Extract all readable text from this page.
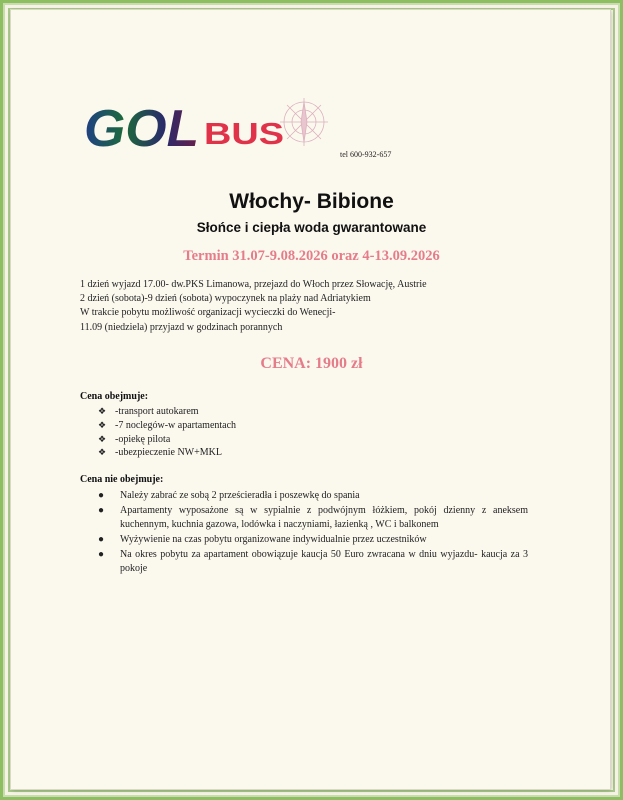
GOL BUS
tel 600-932-657
Włochy- Bibione
Słońce i ciepła woda gwarantowane
Termin 31.07-9.08.2026 oraz 4-13.09.2026
1 dzień wyjazd 17.00- dw.PKS Limanowa, przejazd do Włoch przez Słowację, Austrie
2 dzień (sobota)-9 dzień (sobota) wypoczynek na plaży nad Adriatykiem
W trakcie pobytu możliwość organizacji wycieczki do Wenecji-
11.09 (niedziela) przyjazd w godzinach porannych
CENA: 1900 zł
Cena obejmuje:
❖ -transport autokarem
❖ -7 noclegów-w apartamentach
❖ -opiekę pilota
❖ -ubezpieczenie NW+MKL
Cena nie obejmuje:
● Należy zabrać ze sobą 2 prześcieradła i poszewkę do spania
● Apartamenty wyposażone są w sypialnie z podwójnym łóżkiem, pokój dzienny z aneksem kuchennym, kuchnia gazowa, lodówka i naczyniami, łazienką , WC i balkonem
● Wyżywienie na czas pobytu organizowane indywidualnie przez uczestników
● Na okres pobytu za apartament obowiązuje kaucja 50 Euro zwracana w dniu wyjazdu- kaucja za 3 pokoje
